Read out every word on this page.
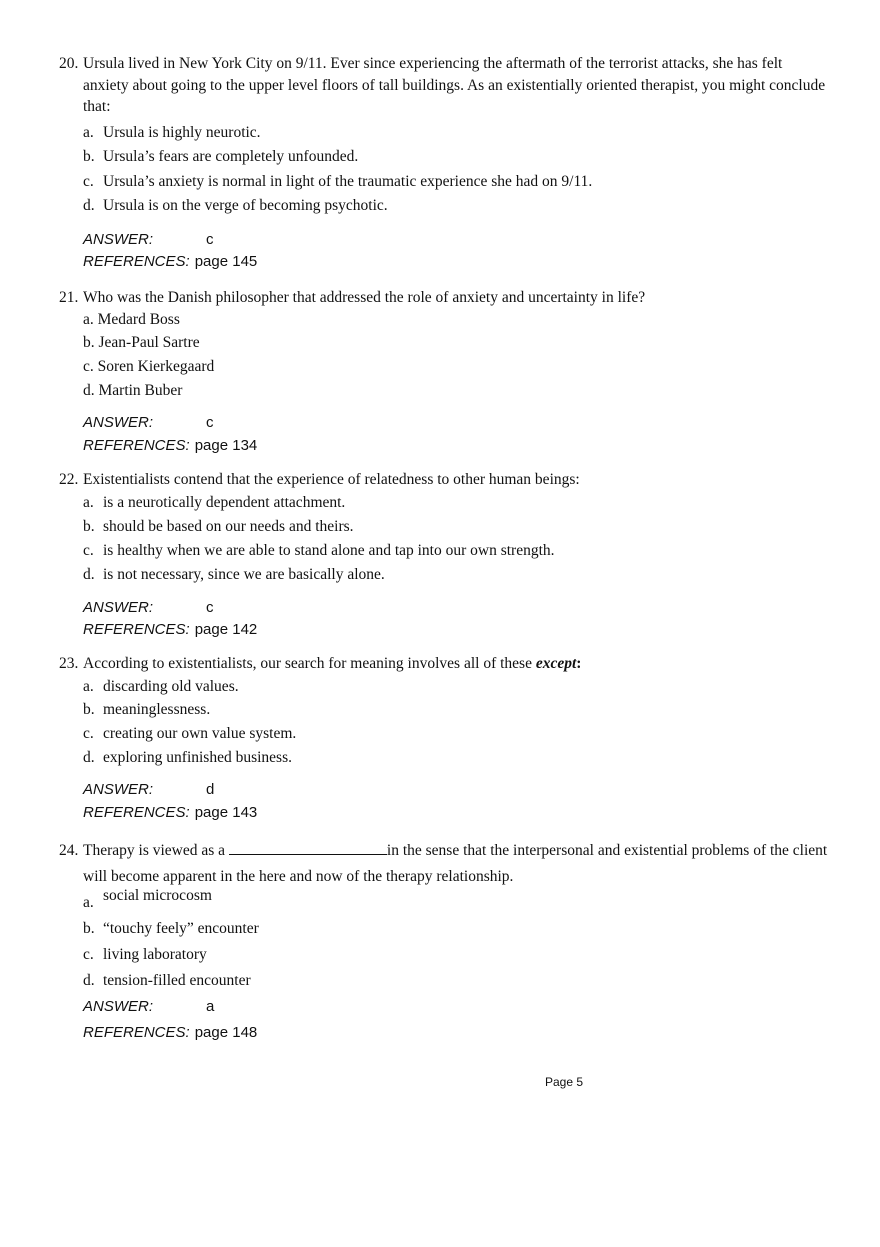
20. Ursula lived in New York City on 9/11. Ever since experiencing the aftermath of the terrorist attacks, she has felt anxiety about going to the upper level floors of tall buildings. As an existentially oriented therapist, you might conclude that:
a. Ursula is highly neurotic.
b. Ursula’s fears are completely unfounded.
c. Ursula’s anxiety is normal in light of the traumatic experience she had on 9/11.
d. Ursula is on the verge of becoming psychotic.
ANSWER:	c
REFERENCES: page 145
21. Who was the Danish philosopher that addressed the role of anxiety and uncertainty in life?
a. Medard Boss
b. Jean-Paul Sartre
c. Soren Kierkegaard
d. Martin Buber
ANSWER:	c
REFERENCES: page 134
22. Existentialists contend that the experience of relatedness to other human beings:
a. is a neurotically dependent attachment.
b. should be based on our needs and theirs.
c. is healthy when we are able to stand alone and tap into our own strength.
d. is not necessary, since we are basically alone.
ANSWER:	c
REFERENCES: page 142
23. According to existentialists, our search for meaning involves all of these except:
a. discarding old values.
b. meaninglessness.
c. creating our own value system.
d. exploring unfinished business.
ANSWER:	d
REFERENCES: page 143
24. Therapy is viewed as a	in the sense that the interpersonal and existential problems of the client will become apparent in the here and now of the therapy relationship.
a. social microcosm
b. “touchy feely” encounter
c. living laboratory
d. tension-filled encounter
ANSWER:	a
REFERENCES: page 148
Page 5
